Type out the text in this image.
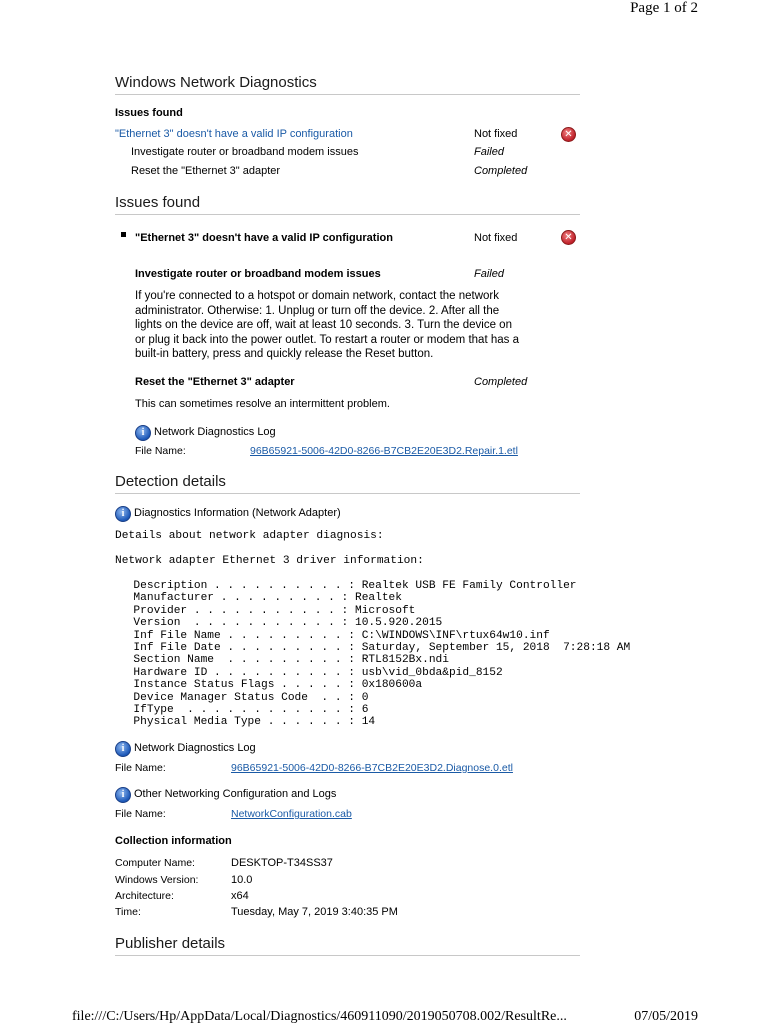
Page 1 of 2
Windows Network Diagnostics
Issues found
"Ethernet 3" doesn't have a valid IP configuration	Not fixed	✕
Investigate router or broadband modem issues	Failed
Reset the "Ethernet 3" adapter	Completed
Issues found
"Ethernet 3" doesn't have a valid IP configuration	Not fixed	✕
Investigate router or broadband modem issues	Failed
If you're connected to a hotspot or domain network, contact the network administrator. Otherwise: 1. Unplug or turn off the device. 2. After all the lights on the device are off, wait at least 10 seconds. 3. Turn the device on or plug it back into the power outlet. To restart a router or modem that has a built-in battery, press and quickly release the Reset button.
Reset the "Ethernet 3" adapter	Completed
This can sometimes resolve an intermittent problem.
i Network Diagnostics Log
File Name:	96B65921-5006-42D0-8266-B7CB2E20E3D2.Repair.1.etl
Detection details
i Diagnostics Information (Network Adapter)
Details about network adapter diagnosis:
Network adapter Ethernet 3 driver information:
Description . . . . . . . . . . : Realtek USB FE Family Controller
Manufacturer . . . . . . . . . : Realtek
Provider . . . . . . . . . . . : Microsoft
Version  . . . . . . . . . . . : 10.5.920.2015
Inf File Name . . . . . . . . . : C:\WINDOWS\INF\rtux64w10.inf
Inf File Date . . . . . . . . . : Saturday, September 15, 2018  7:28:18 AM
Section Name  . . . . . . . . . : RTL8152Bx.ndi
Hardware ID . . . . . . . . . . : usb\vid_0bda&pid_8152
Instance Status Flags . . . . . : 0x180600a
Device Manager Status Code  . . : 0
IfType  . . . . . . . . . . . . : 6
Physical Media Type . . . . . . : 14
i Network Diagnostics Log
File Name:	96B65921-5006-42D0-8266-B7CB2E20E3D2.Diagnose.0.etl
i Other Networking Configuration and Logs
File Name:	NetworkConfiguration.cab
Collection information
Computer Name:	DESKTOP-T34SS37
Windows Version:	10.0
Architecture:	x64
Time:	Tuesday, May 7, 2019 3:40:35 PM
Publisher details
file:///C:/Users/Hp/AppData/Local/Diagnostics/460911090/2019050708.002/ResultRe...	07/05/2019
